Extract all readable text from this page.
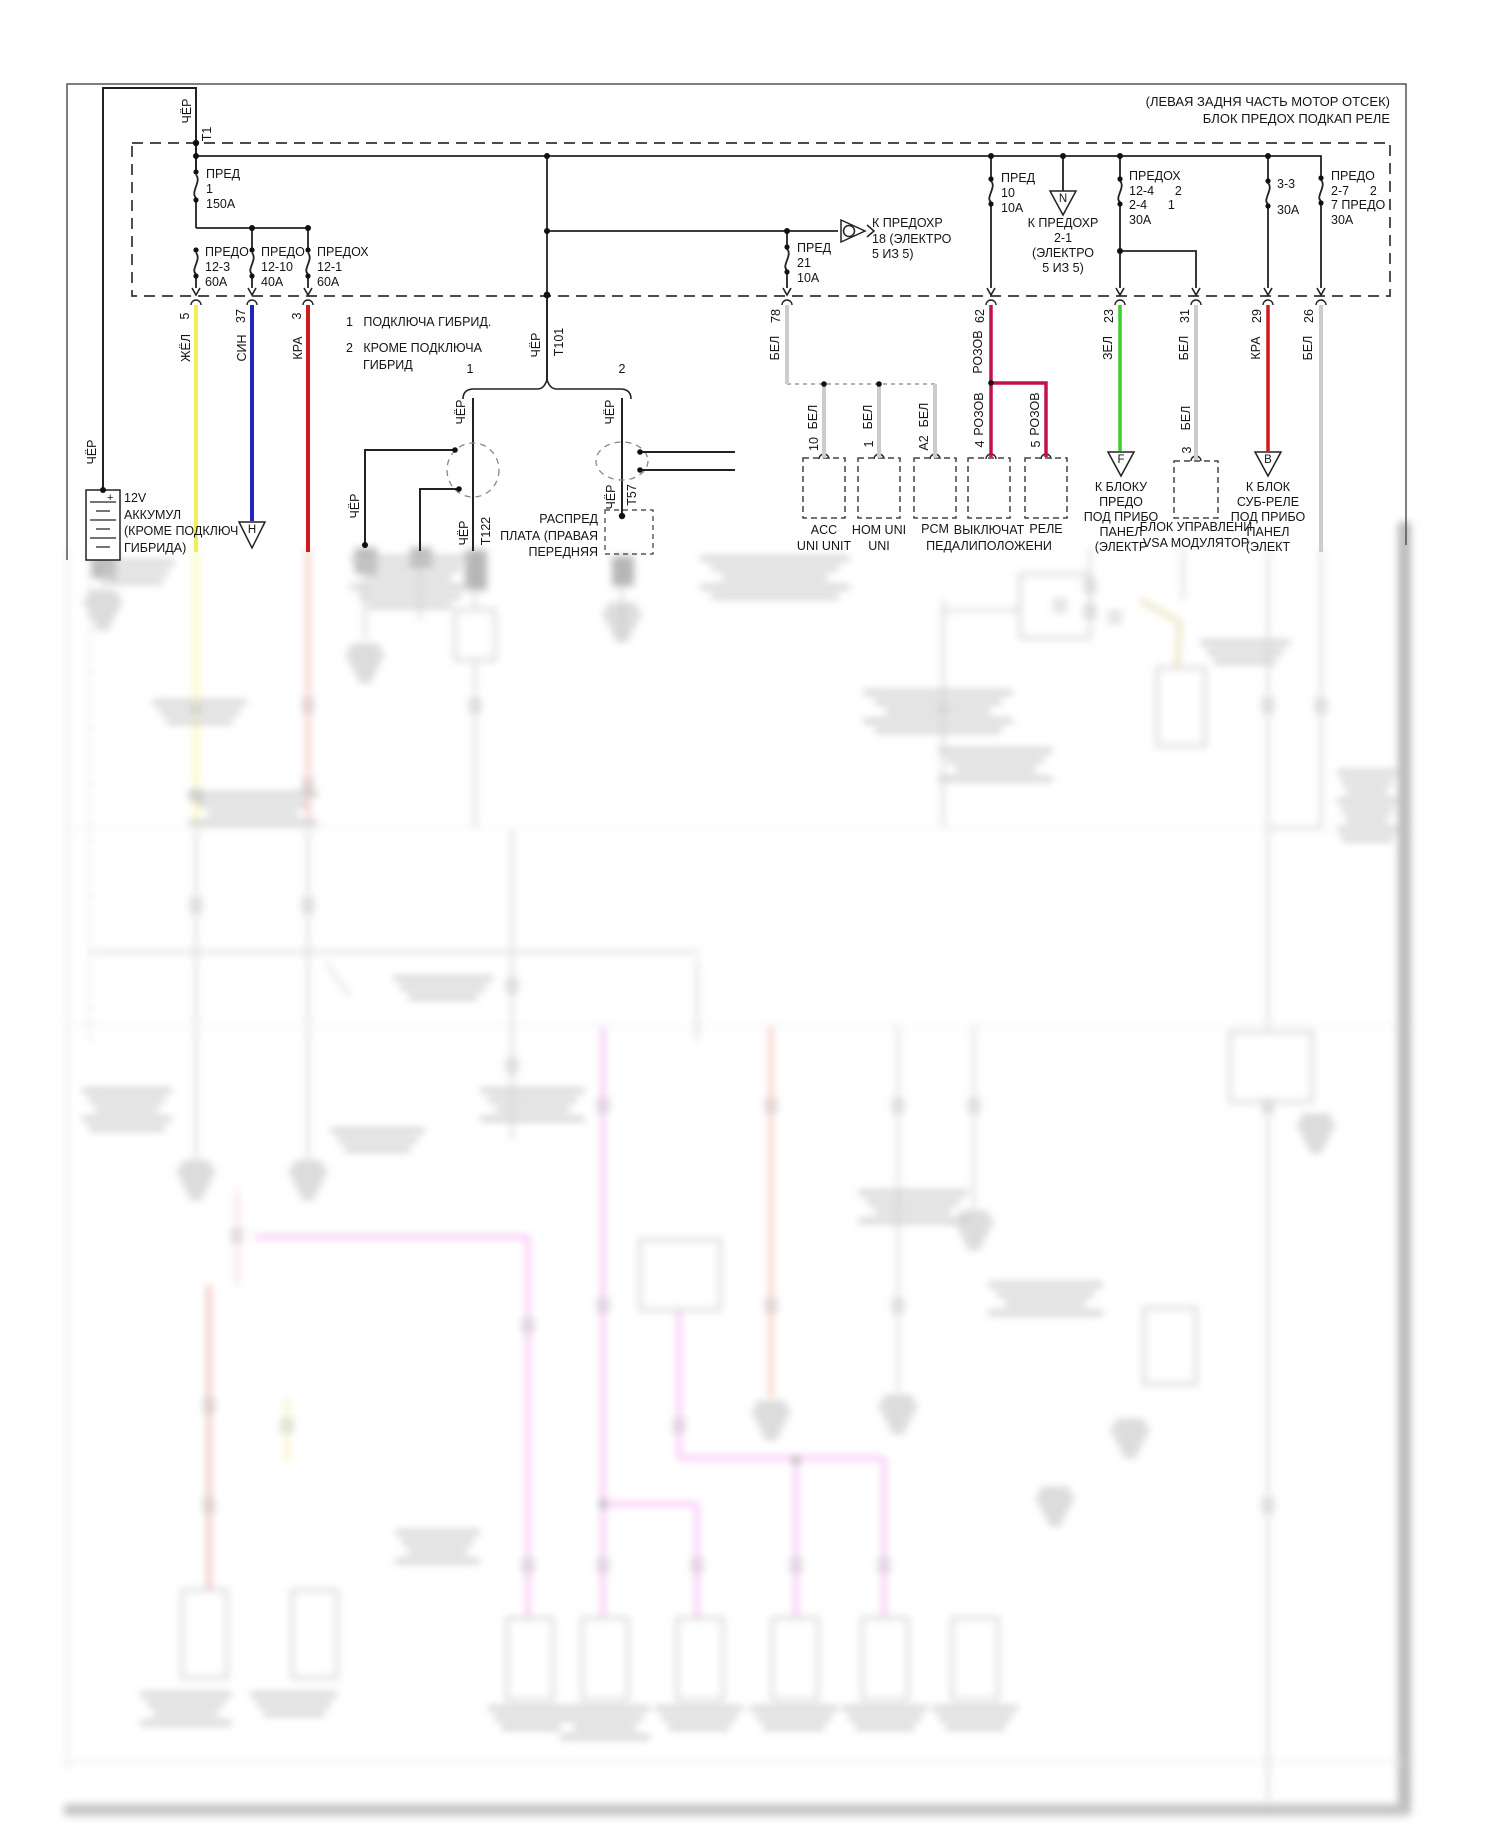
(ЛЕВАЯ ЗАДНЯ ЧАСТЬ МОТОР ОТСЕК)
БЛОК ПРЕДОХ ПОДКАП РЕЛЕ
ПРЕД
1
150A
ПРЕДО
12-3
60A
ПРЕДО
12-10
40A
ПРЕДОХ
12-1
60A
ПРЕД
21
10A
ПРЕД
10
10A
ПРЕДОХ
12-4      2
2-4      1
30A
3-3
30A
ПРЕДО
2-7      2
7 ПРЕДО
30A
К ПРЕДОХР
18 (ЭЛЕКТРО
5 ИЗ 5)
К ПРЕДОХР
2-1
(ЭЛЕКТРО
5 ИЗ 5)
1   ПОДКЛЮЧА ГИБРИД.
2   КРОМЕ ПОДКЛЮЧА
ГИБРИД
12V
АККУМУЛ
(КРОМЕ ПОДКЛЮЧ
ГИБРИДА)
+
РАСПРЕД
ПЛАТА (ПРАВАЯ
ПЕРЕДНЯЯ
К БЛОКУ
ПРЕДО
ПОД ПРИБО
ПАНЕЛ
(ЭЛЕКТР
К БЛОК
СУБ-РЕЛЕ
ПОД ПРИБО
ПАНЕЛ
(ЭЛЕКТ
БЛОК УПРАВЛЕНИ
VSA МОДУЛЯТОР
ACC
UNI UNIT
HOM UNI
UNI
PCM ВЫКЛЮЧАТ
ПЕДАЛИПОЛОЖЕНИ
РЕЛЕ
N
H
F	B
1	2
ЧЁР
ЧЁР
T1
5
ЖЁЛ
37
СИН
3
КРА	ЧЁР T101
ЧЁР	ЧЁР
ЧЁР
ЧЁР T122
ЧЁР T57
78
БЕЛ
62
РОЗОВ
23
ЗЕЛ
31
БЕЛ
29
КРА
26
БЕЛ
БЕЛ
10
БЕЛ
1
БЕЛ
A2
РОЗОВ
4
РОЗОВ
5
БЕЛ
3
